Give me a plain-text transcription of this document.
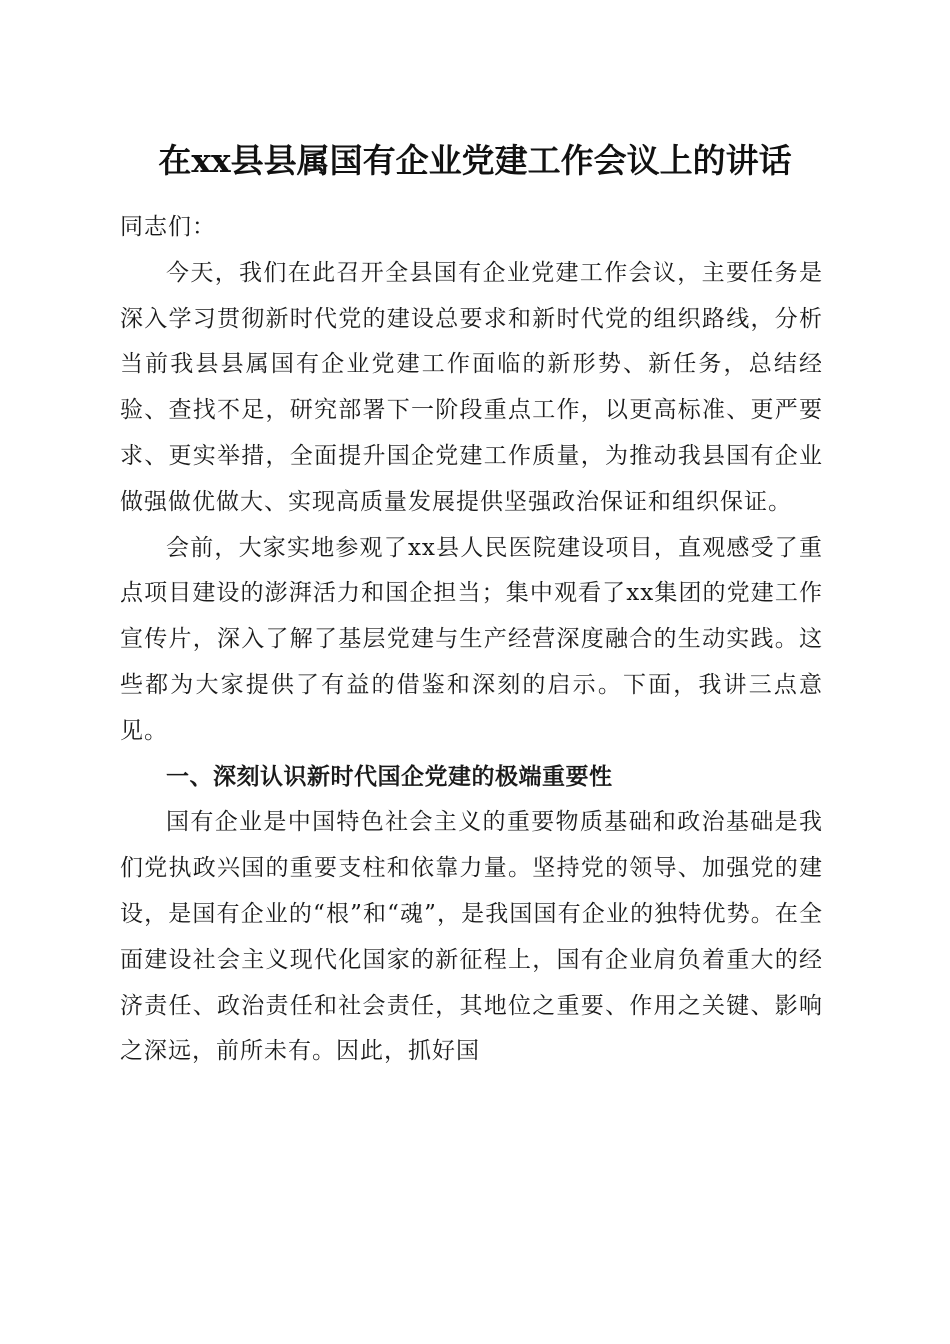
在xx县县属国有企业党建工作会议上的讲话

同志们：

今天，我们在此召开全县国有企业党建工作会议，主要任务是深入学习贯彻新时代党的建设总要求和新时代党的组织路线，分析当前我县县属国有企业党建工作面临的新形势、新任务，总结经验、查找不足，研究部署下一阶段重点工作，以更高标准、更严要求、更实举措，全面提升国企党建工作质量，为推动我县国有企业做强做优做大、实现高质量发展提供坚强政治保证和组织保证。

会前，大家实地参观了xx县人民医院建设项目，直观感受了重点项目建设的澎湃活力和国企担当；集中观看了xx集团的党建工作宣传片，深入了解了基层党建与生产经营深度融合的生动实践。这些都为大家提供了有益的借鉴和深刻的启示。下面，我讲三点意见。

一、深刻认识新时代国企党建的极端重要性

国有企业是中国特色社会主义的重要物质基础和政治基础是我们党执政兴国的重要支柱和依靠力量。坚持党的领导、加强党的建设，是国有企业的“根”和“魂”，是我国国有企业的独特优势。在全面建设社会主义现代化国家的新征程上，国有企业肩负着重大的经济责任、政治责任和社会责任，其地位之重要、作用之关键、影响之深远，前所未有。因此，抓好国
